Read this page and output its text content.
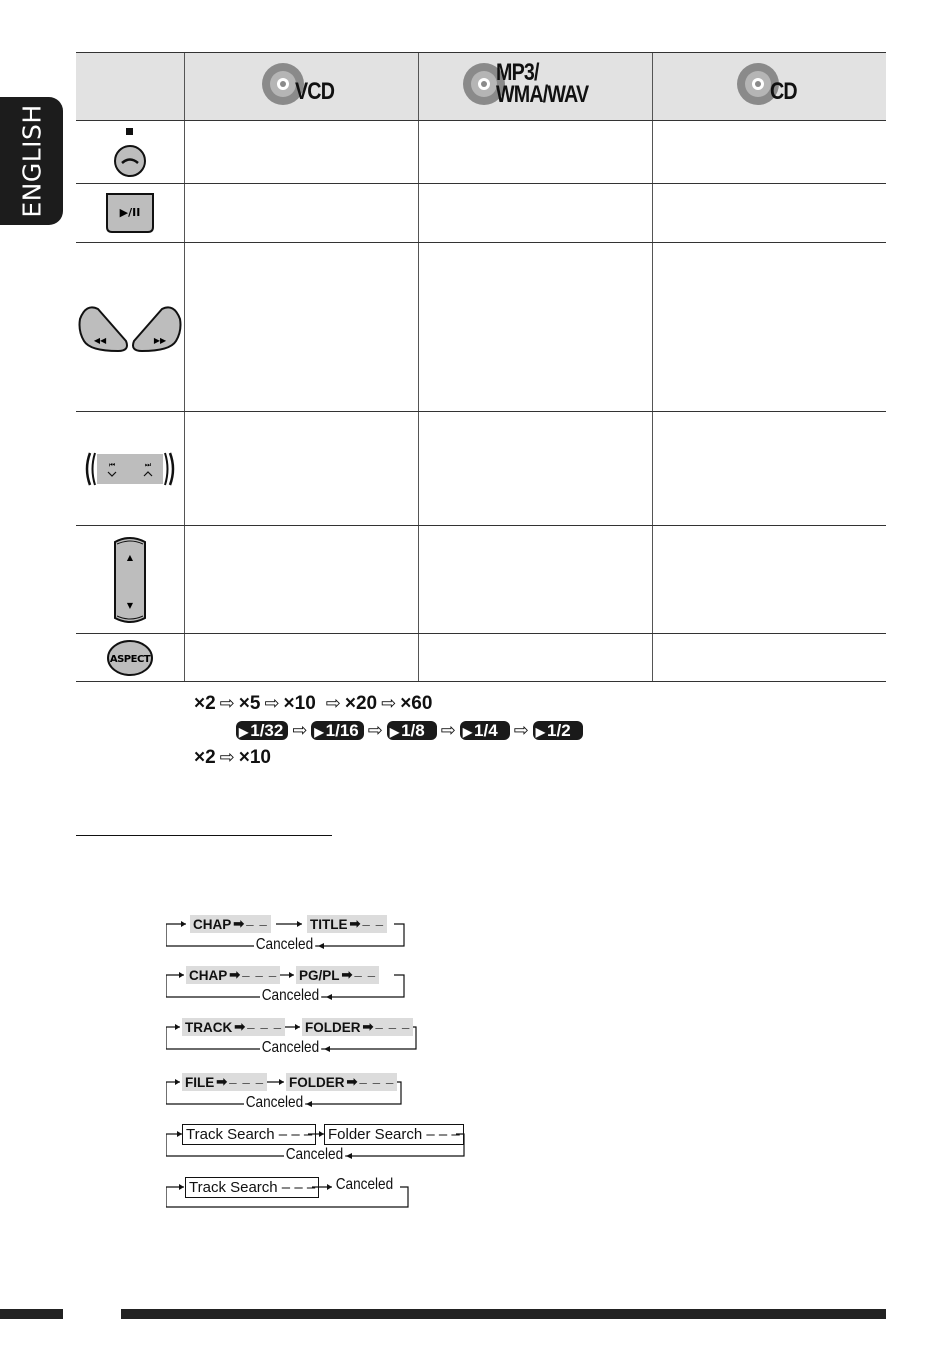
ENGLISH

	VCD	MP3/
WMA/WAV	CD

▶/II			

◀◀ ▶▶			

⏮ ⏭			

▲
▼			

ASPECT			

×2 ⇨ ×5 ⇨ ×10 ⇨ ×20 ⇨ ×60
▶ 1/32 ⇨ ▶ 1/16 ⇨ ▶ 1/8 ⇨ ▶ 1/4 ⇨ ▶ 1/2
×2 ⇨ ×10
CHAP ➡ – –	TITLE ➡ – –
Canceled
CHAP ➡ – – – PG/PL ➡ – –
Canceled
TRACK ➡ – – – FOLDER ➡ – – –
Canceled
FILE ➡ – – – FOLDER ➡ – – –
Canceled
Track Search – – – Folder Search – – –
Canceled
Track Search – – – Canceled
